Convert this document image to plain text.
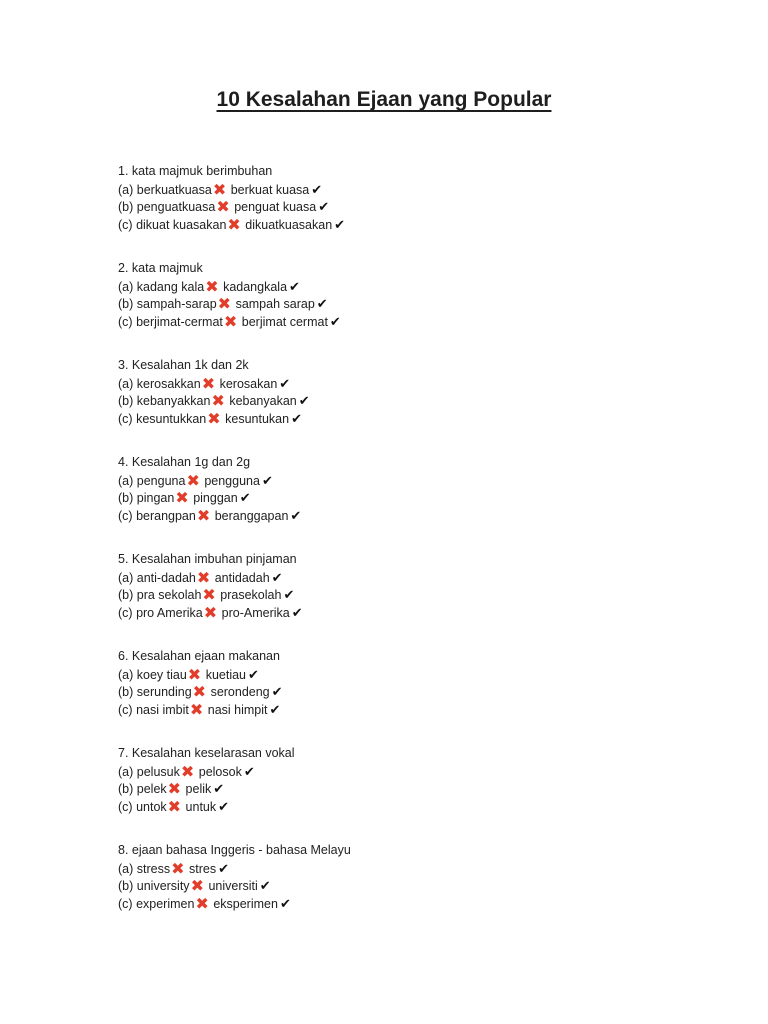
10 Kesalahan Ejaan yang Popular
1. kata majmuk berimbuhan
(a) berkuatkuasa✖ berkuat kuasa ✔
(b) penguatkuasa✖ penguat kuasa ✔
(c) dikuat kuasakan✖ dikuatkuasakan ✔
2. kata majmuk
(a) kadang kala✖ kadangkala ✔
(b) sampah-sarap✖ sampah sarap ✔
(c) berjimat-cermat✖ berjimat cermat ✔
3. Kesalahan 1k dan 2k
(a) kerosakkan✖ kerosakan ✔
(b) kebanyakkan✖ kebanyakan ✔
(c) kesuntukkan✖ kesuntukan ✔
4. Kesalahan 1g dan 2g
(a) penguna✖ pengguna ✔
(b) pingan✖ pinggan ✔
(c) berangpan✖ beranggapan ✔
5. Kesalahan imbuhan pinjaman
(a) anti-dadah✖ antidadah ✔
(b) pra sekolah✖ prasekolah ✔
(c) pro Amerika✖ pro-Amerika ✔
6. Kesalahan ejaan makanan
(a) koey tiau✖ kuetiau ✔
(b) serunding✖ serondeng ✔
(c) nasi imbit✖ nasi himpit ✔
7. Kesalahan keselarasan vokal
(a) pelusuk✖ pelosok ✔
(b) pelek✖ pelik ✔
(c) untok✖ untuk ✔
8. ejaan bahasa Inggeris - bahasa Melayu
(a) stress✖ stres ✔
(b) university✖ universiti ✔
(c) experimen✖ eksperimen ✔
